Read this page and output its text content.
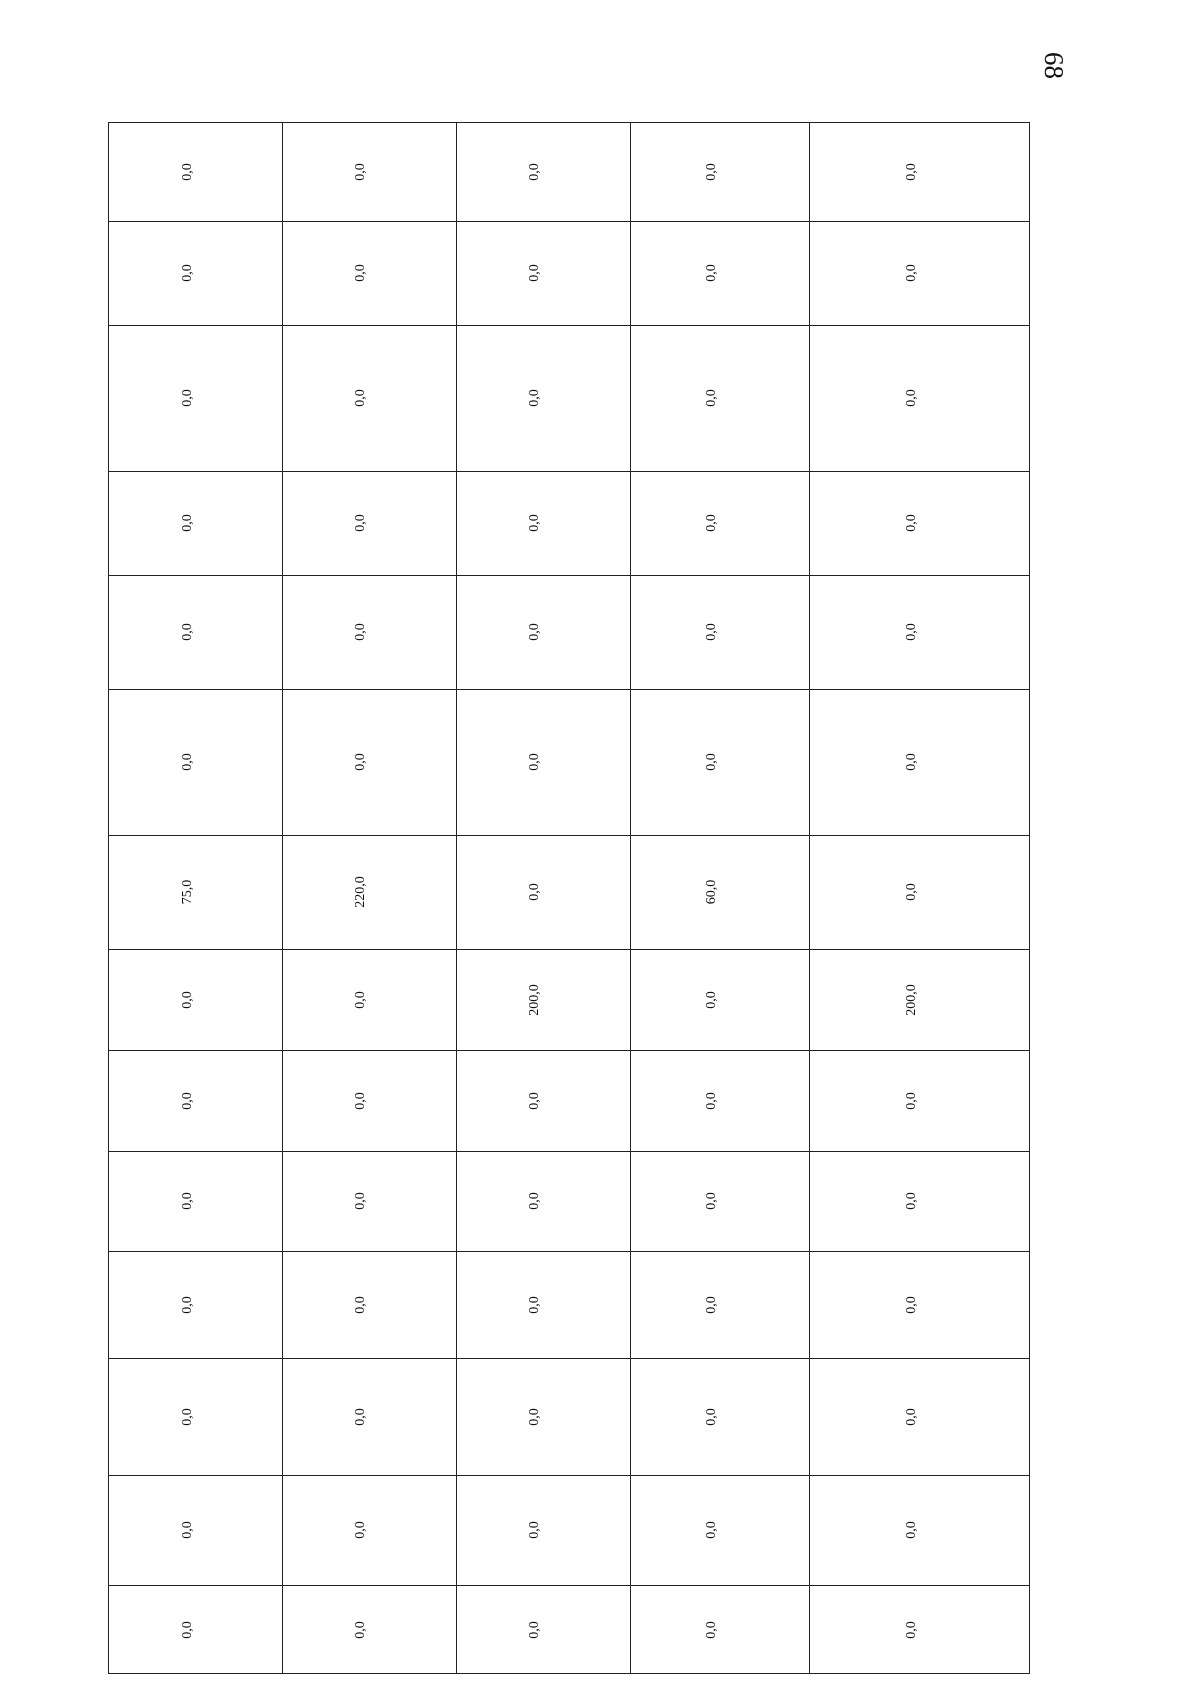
68
0,0	0,0	0,0	0,0	0,0
0,0	0,0	0,0	0,0	0,0
0,0	0,0	0,0	0,0	0,0
0,0	0,0	0,0	0,0	0,0
0,0	0,0	0,0	0,0	0,0
0,0	0,0	0,0	0,0	0,0
75,0	220,0	0,0	60,0	0,0
0,0	0,0	200,0	0,0	200,0
0,0	0,0	0,0	0,0	0,0
0,0	0,0	0,0	0,0	0,0
0,0	0,0	0,0	0,0	0,0
0,0	0,0	0,0	0,0	0,0
0,0	0,0	0,0	0,0	0,0
0,0	0,0	0,0	0,0	0,0
